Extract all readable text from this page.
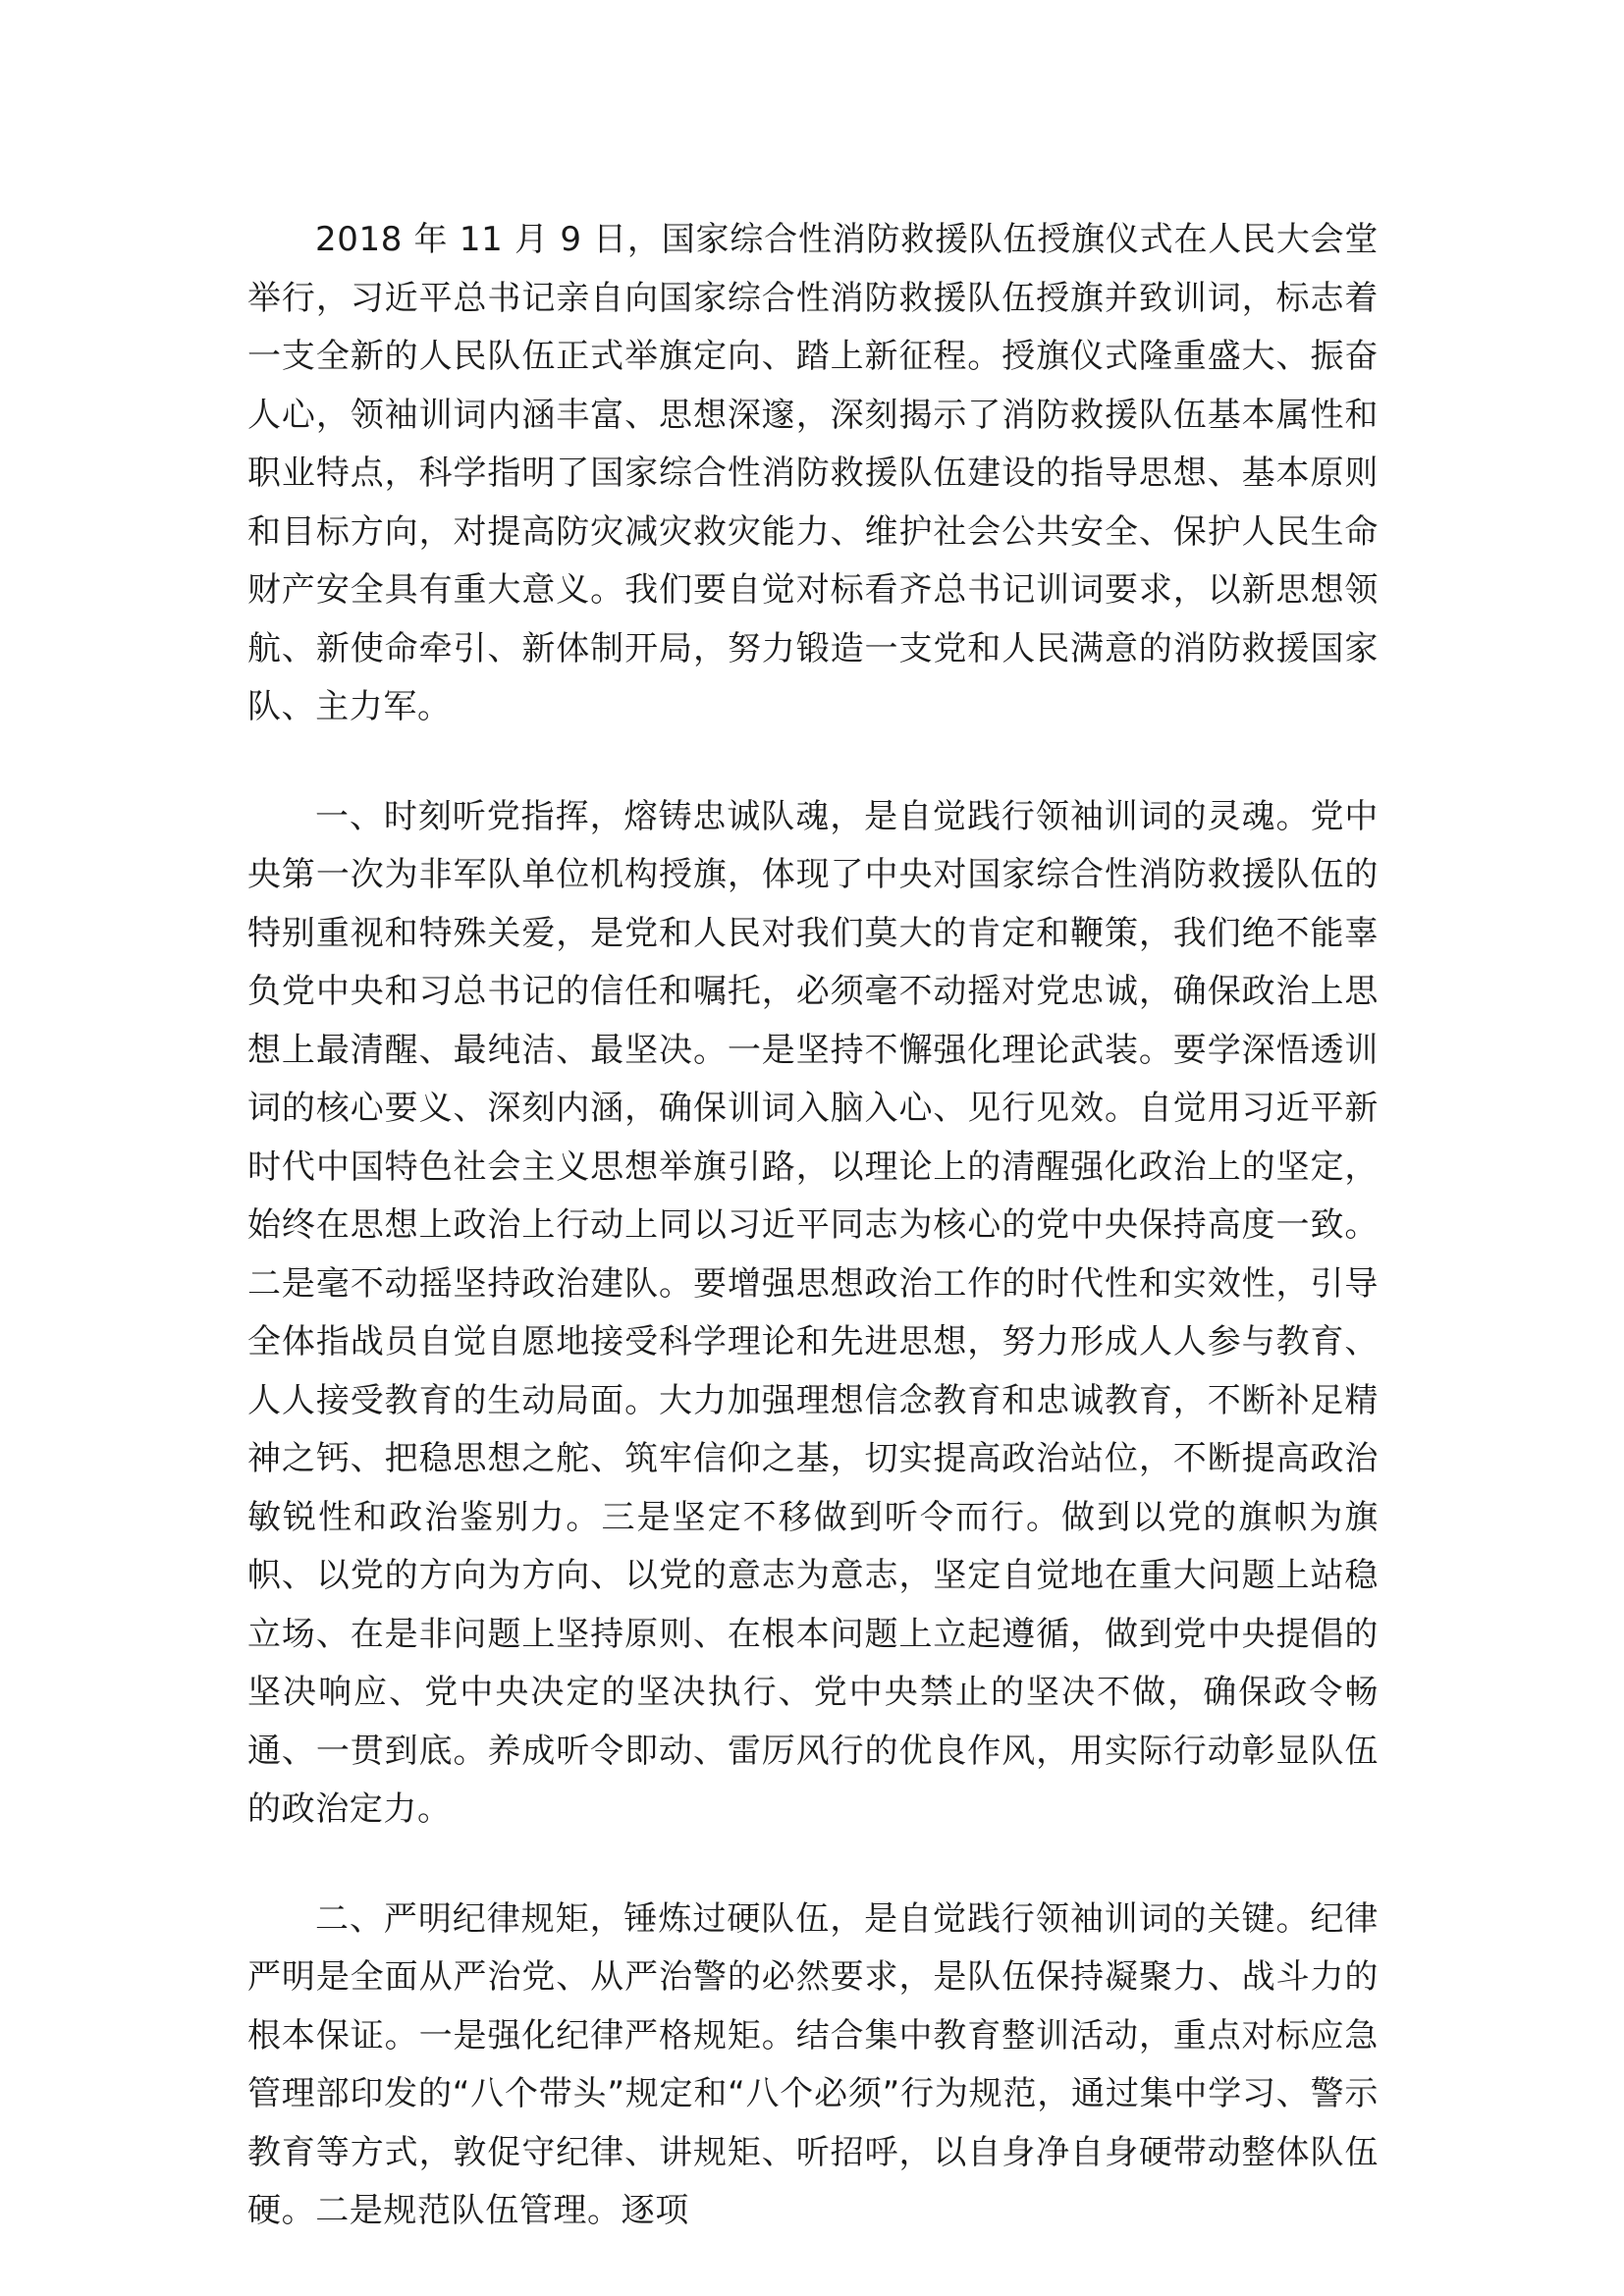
2018 年 11 月 9 日，国家综合性消防救援队伍授旗仪式在人民大会堂举行，习近平总书记亲自向国家综合性消防救援队伍授旗并致训词，标志着一支全新的人民队伍正式举旗定向、踏上新征程。授旗仪式隆重盛大、振奋人心，领袖训词内涵丰富、思想深邃，深刻揭示了消防救援队伍基本属性和职业特点，科学指明了国家综合性消防救援队伍建设的指导思想、基本原则和目标方向，对提高防灾减灾救灾能力、维护社会公共安全、保护人民生命财产安全具有重大意义。我们要自觉对标看齐总书记训词要求，以新思想领航、新使命牵引、新体制开局，努力锻造一支党和人民满意的消防救援国家队、主力军。

一、时刻听党指挥，熔铸忠诚队魂，是自觉践行领袖训词的灵魂。党中央第一次为非军队单位机构授旗，体现了中央对国家综合性消防救援队伍的特别重视和特殊关爱，是党和人民对我们莫大的肯定和鞭策，我们绝不能辜负党中央和习总书记的信任和嘱托，必须毫不动摇对党忠诚，确保政治上思想上最清醒、最纯洁、最坚决。一是坚持不懈强化理论武装。要学深悟透训词的核心要义、深刻内涵，确保训词入脑入心、见行见效。自觉用习近平新时代中国特色社会主义思想举旗引路，以理论上的清醒强化政治上的坚定，始终在思想上政治上行动上同以习近平同志为核心的党中央保持高度一致。二是毫不动摇坚持政治建队。要增强思想政治工作的时代性和实效性，引导全体指战员自觉自愿地接受科学理论和先进思想，努力形成人人参与教育、人人接受教育的生动局面。大力加强理想信念教育和忠诚教育，不断补足精神之钙、把稳思想之舵、筑牢信仰之基，切实提高政治站位，不断提高政治敏锐性和政治鉴别力。三是坚定不移做到听令而行。做到以党的旗帜为旗帜、以党的方向为方向、以党的意志为意志，坚定自觉地在重大问题上站稳立场、在是非问题上坚持原则、在根本问题上立起遵循，做到党中央提倡的坚决响应、党中央决定的坚决执行、党中央禁止的坚决不做，确保政令畅通、一贯到底。养成听令即动、雷厉风行的优良作风，用实际行动彰显队伍的政治定力。

二、严明纪律规矩，锤炼过硬队伍，是自觉践行领袖训词的关键。纪律严明是全面从严治党、从严治警的必然要求，是队伍保持凝聚力、战斗力的根本保证。一是强化纪律严格规矩。结合集中教育整训活动，重点对标应急管理部印发的“八个带头”规定和“八个必须”行为规范，通过集中学习、警示教育等方式，敦促守纪律、讲规矩、听招呼，以自身净自身硬带动整体队伍硬。二是规范队伍管理。逐项
